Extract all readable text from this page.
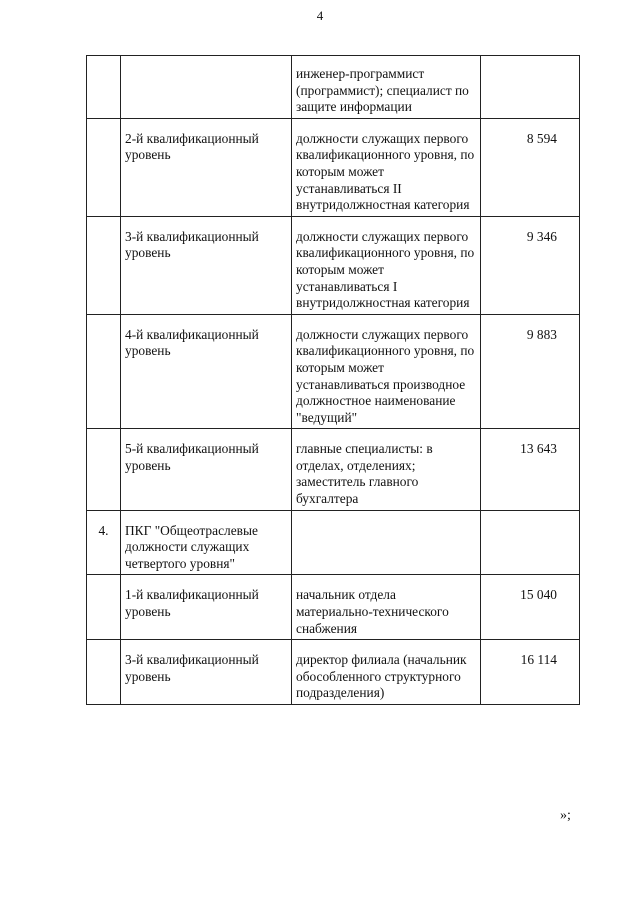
4
		инженер-программист (программист); специалист по защите информации	
	2-й квалификационный уровень	должности служащих первого квалификационного уровня, по которым может устанавливаться II внутридолжностная категория	8 594
	3-й квалификационный уровень	должности служащих первого квалификационного уровня, по которым может устанавливаться I внутридолжностная категория	9 346
	4-й квалификационный уровень	должности служащих первого квалификационного уровня, по которым может устанавливаться производное должностное наименование "ведущий"	9 883
	5-й квалификационный уровень	главные специалисты: в отделах, отделениях; заместитель главного бухгалтера	13 643
4.	ПКГ "Общеотраслевые должности служащих четвертого уровня"		
	1-й квалификационный уровень	начальник отдела материально-технического снабжения	15 040
	3-й квалификационный уровень	директор филиала (начальник обособленного структурного подразделения)	16 114
»;
